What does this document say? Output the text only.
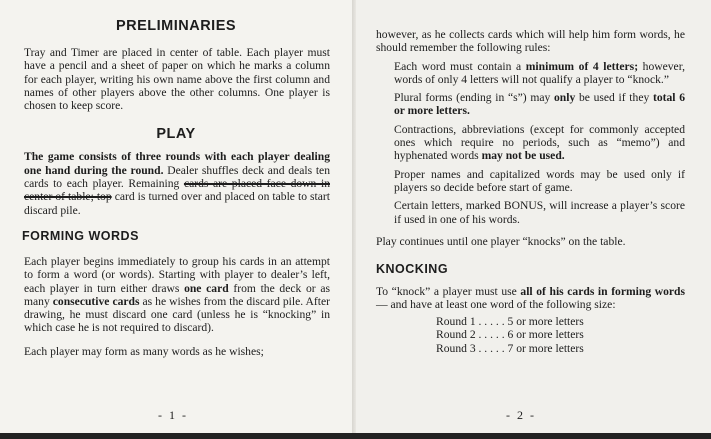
PRELIMINARIES

Tray and Timer are placed in center of table. Each player must have a pencil and a sheet of paper on which he marks a column for each player, writing his own name above the first column and names of other players above the other columns. One player is chosen to keep score.

PLAY

The game consists of three rounds with each player dealing one hand during the round. Dealer shuffles deck and deals ten cards to each player. Remaining cards are placed face down in center of table; top card is turned over and placed on table to start discard pile.

FORMING WORDS

Each player begins immediately to group his cards in an attempt to form a word (or words). Starting with player to dealer’s left, each player in turn either draws one card from the deck or as many consecutive cards as he wishes from the discard pile. After drawing, he must discard one card (unless he is “knocking” in which case he is not required to discard).

Each player may form as many words as he wishes;

- 1 -

however, as he collects cards which will help him form words, he should remember the following rules:

Each word must contain a minimum of 4 letters; however, words of only 4 letters will not qualify a player to “knock.”

Plural forms (ending in “s”) may only be used if they total 6 or more letters.

Contractions, abbreviations (except for commonly accepted ones which require no periods, such as “memo”) and hyphenated words may not be used.

Proper names and capitalized words may be used only if players so decide before start of game.

Certain letters, marked BONUS, will increase a player’s score if used in one of his words.

Play continues until one player “knocks” on the table.

KNOCKING

To “knock” a player must use all of his cards in forming words — and have at least one word of the following size:

Round 1 . . . . . 5 or more letters
Round 2 . . . . . 6 or more letters
Round 3 . . . . . 7 or more letters
- 2 -
